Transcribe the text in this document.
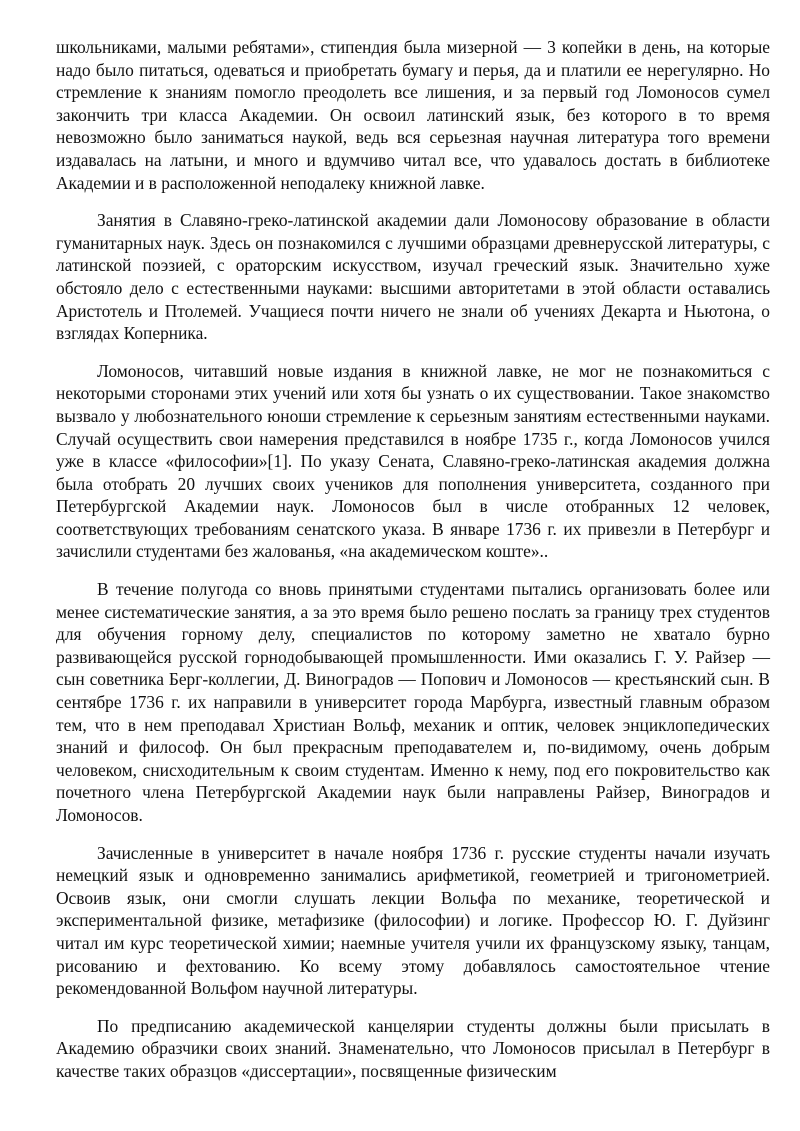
школьниками, малыми ребятами», стипендия была мизерной — 3 копейки в день, на которые надо было питаться, одеваться и приобретать бумагу и перья, да и платили ее нерегулярно. Но стремление к знаниям помогло преодолеть все лишения, и за первый год Ломоносов сумел закончить три класса Академии. Он освоил латинский язык, без которого в то время невозможно было заниматься наукой, ведь вся серьезная научная литература того времени издавалась на латыни, и много и вдумчиво читал все, что удавалось достать в библиотеке Академии и в расположенной неподалеку книжной лавке.

Занятия в Славяно-греко-латинской академии дали Ломоносову образование в области гуманитарных наук. Здесь он познакомился с лучшими образцами древнерусской литературы, с латинской поэзией, с ораторским искусством, изучал греческий язык. Значительно хуже обстояло дело с естественными науками: высшими авторитетами в этой области оставались Аристотель и Птолемей. Учащиеся почти ничего не знали об учениях Декарта и Ньютона, о взглядах Коперника.

Ломоносов, читавший новые издания в книжной лавке, не мог не познакомиться с некоторыми сторонами этих учений или хотя бы узнать о их существовании. Такое знакомство вызвало у любознательного юноши стремление к серьезным занятиям естественными науками. Случай осуществить свои намерения представился в ноябре 1735 г., когда Ломоносов учился уже в классе «философии»[1]. По указу Сената, Славяно-греко-латинская академия должна была отобрать 20 лучших своих учеников для пополнения университета, созданного при Петербургской Академии наук. Ломоносов был в числе отобранных 12 человек, соответствующих требованиям сенатского указа. В январе 1736 г. их привезли в Петербург и зачислили студентами без жалованья, «на академическом коште»..

В течение полугода со вновь принятыми студентами пытались организовать более или менее систематические занятия, а за это время было решено послать за границу трех студентов для обучения горному делу, специалистов по которому заметно не хватало бурно развивающейся русской горнодобывающей промышленности. Ими оказались Г. У. Райзер — сын советника Берг-коллегии, Д. Виноградов — Попович и Ломоносов — крестьянский сын. В сентябре 1736 г. их направили в университет города Марбурга, известный главным образом тем, что в нем преподавал Христиан Вольф, механик и оптик, человек энциклопедических знаний и философ. Он был прекрасным преподавателем и, по-видимому, очень добрым человеком, снисходительным к своим студентам. Именно к нему, под его покровительство как почетного члена Петербургской Академии наук были направлены Райзер, Виноградов и Ломоносов.

Зачисленные в университет в начале ноября 1736 г. русские студенты начали изучать немецкий язык и одновременно занимались арифметикой, геометрией и тригонометрией. Освоив язык, они смогли слушать лекции Вольфа по механике, теоретической и экспериментальной физике, метафизике (философии) и логике. Профессор Ю. Г. Дуйзинг читал им курс теоретической химии; наемные учителя учили их французскому языку, танцам, рисованию и фехтованию. Ко всему этому добавлялось самостоятельное чтение рекомендованной Вольфом научной литературы.

По предписанию академической канцелярии студенты должны были присылать в Академию образчики своих знаний. Знаменательно, что Ломоносов присылал в Петербург в качестве таких образцов «диссертации», посвященные физическим
